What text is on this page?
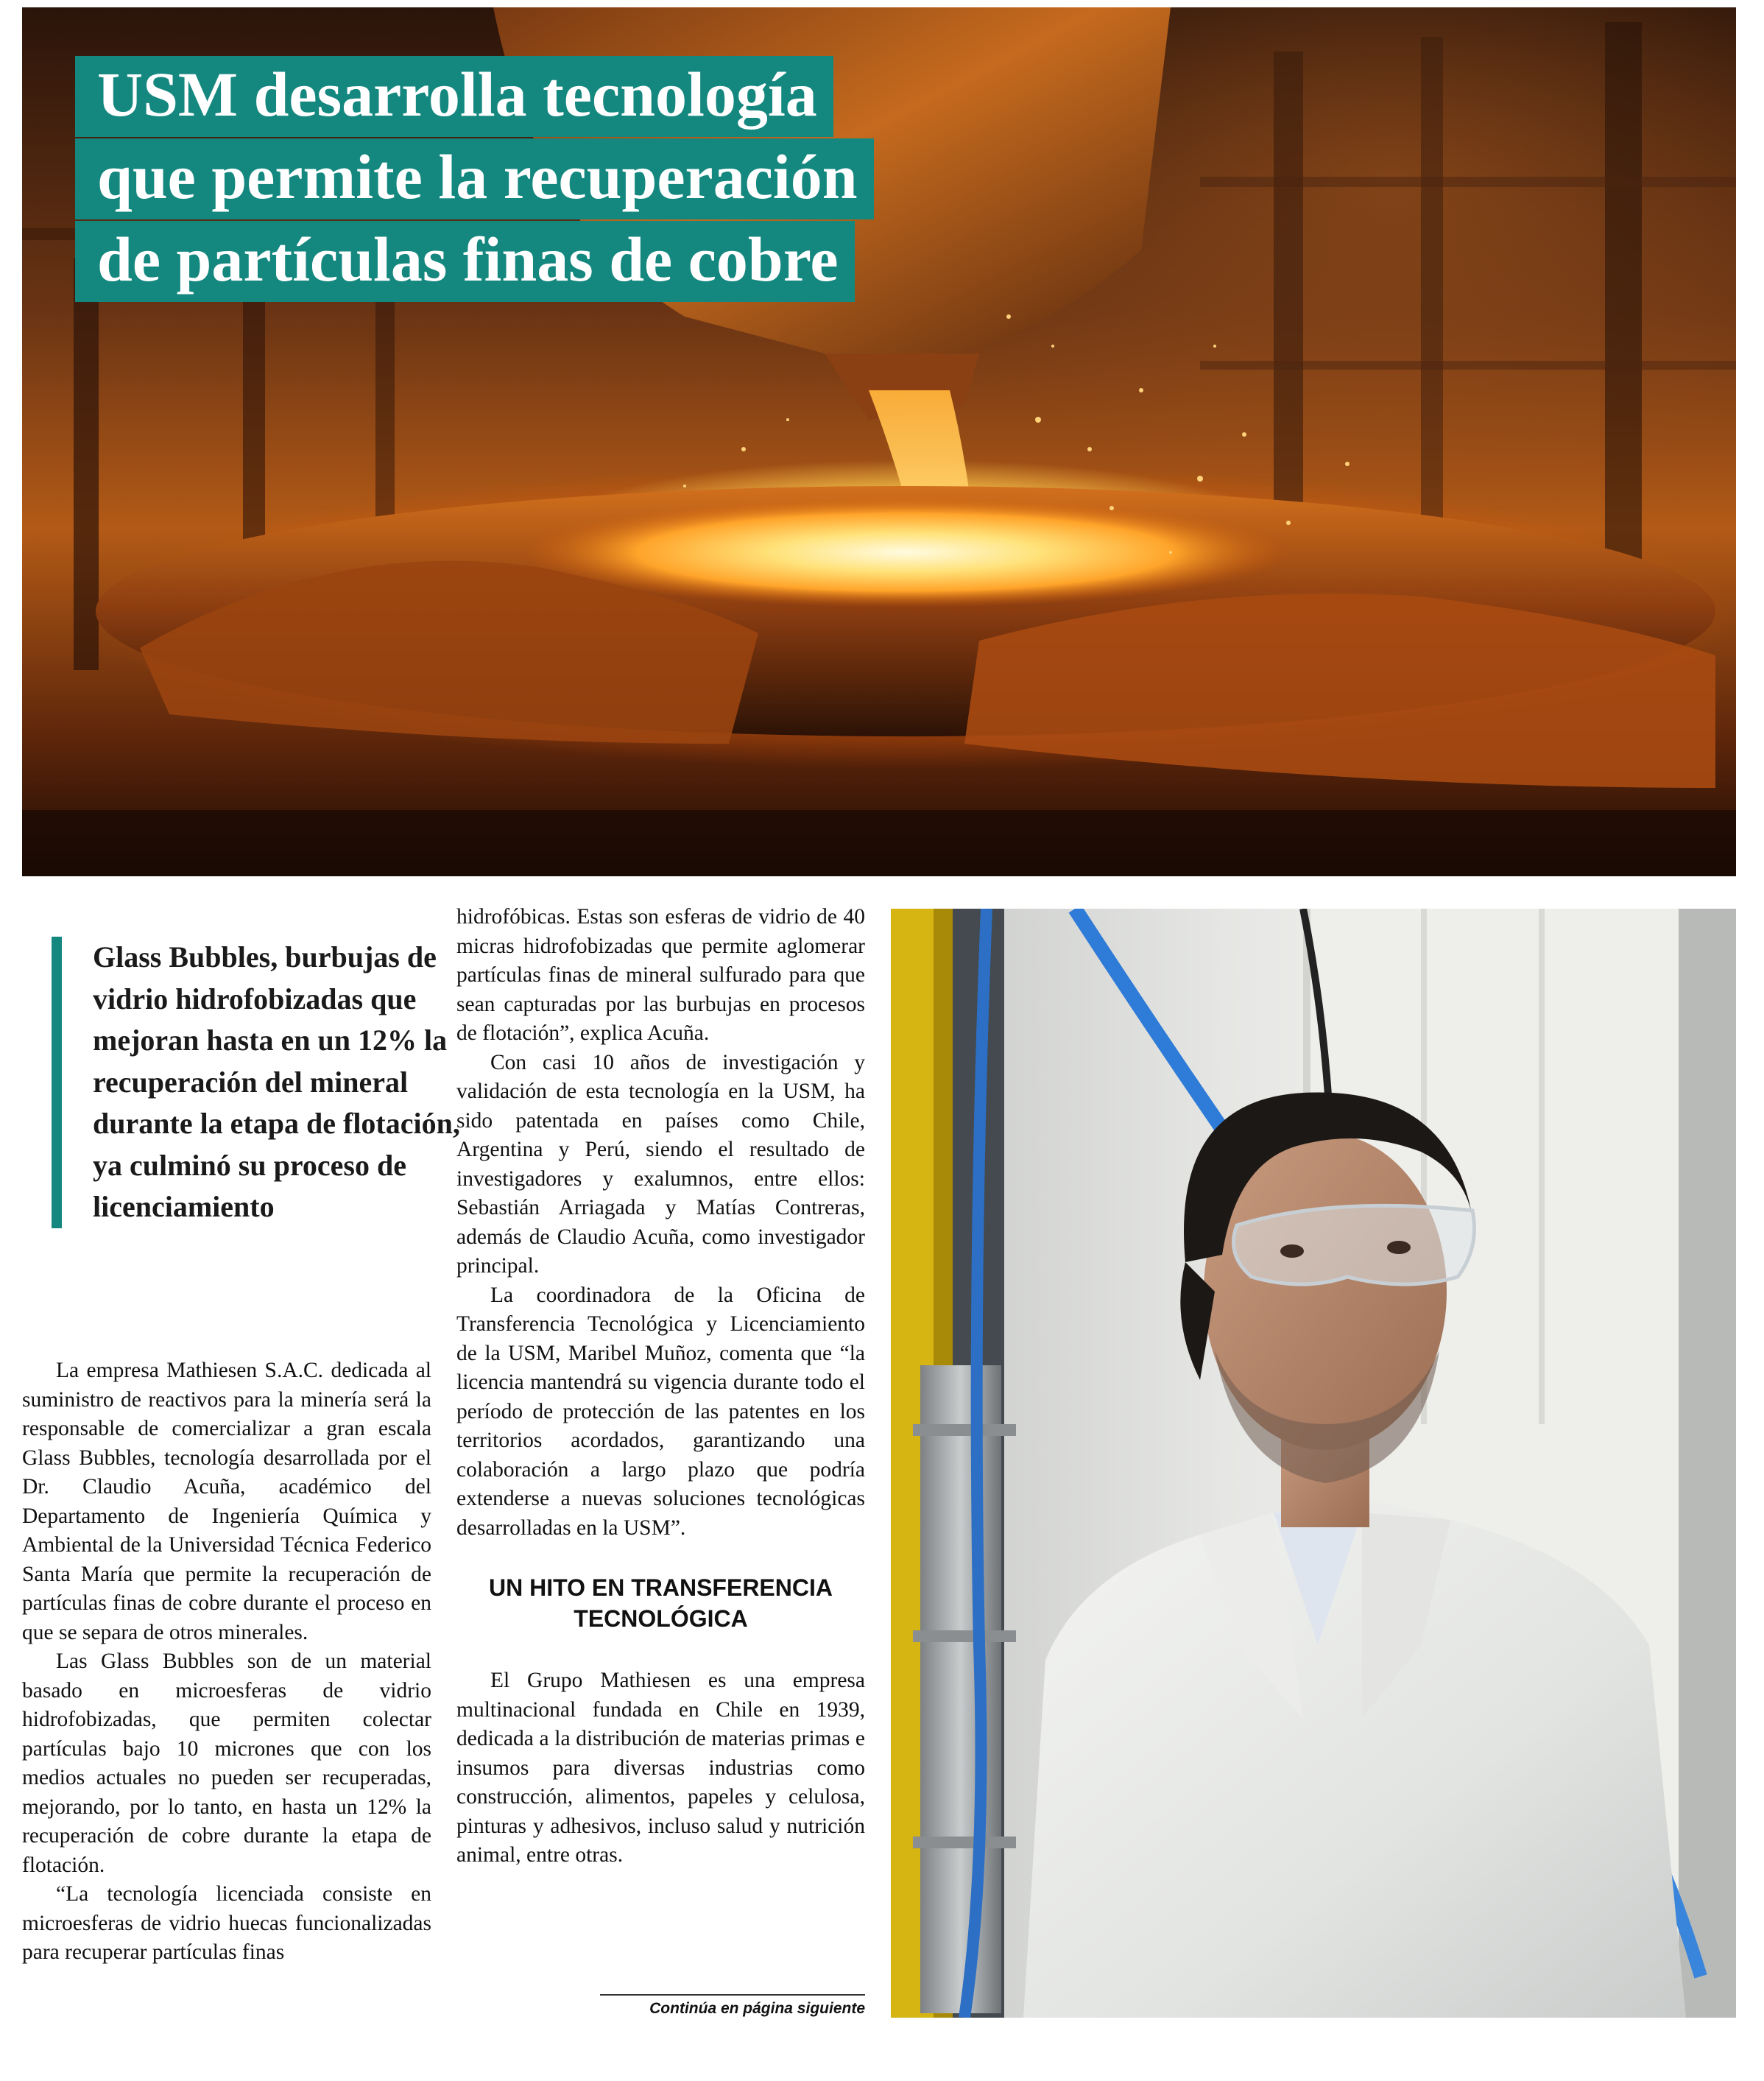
USM desarrolla tecnología
que permite la recuperación
de partículas finas de cobre
Glass Bubbles, burbujas de vidrio hidrofobizadas que mejoran hasta en un 12% la recuperación del mineral durante la etapa de flotación, ya culminó su proceso de licenciamiento

La empresa Mathiesen S.A.C. dedicada al suministro de reactivos para la minería será la responsable de comercializar a gran escala Glass Bubbles, tecnología desarrollada por el Dr. Claudio Acuña, académico del Departamento de Ingeniería Química y Ambiental de la Universidad Técnica Federico Santa María que permite la recuperación de partículas finas de cobre durante el proceso en que se separa de otros minerales.

Las Glass Bubbles son de un material basado en microesferas de vidrio hidrofobizadas, que permiten colectar partículas bajo 10 micrones que con los medios actuales no pueden ser recuperadas, mejorando, por lo tanto, en hasta un 12% la recuperación de cobre durante la etapa de flotación.

“La tecnología licenciada consiste en microesferas de vidrio huecas funcionalizadas para recuperar partículas finas

hidrofóbicas. Estas son esferas de vidrio de 40 micras hidrofobizadas que permite aglomerar partículas finas de mineral sulfurado para que sean capturadas por las burbujas en procesos de flotación”, explica Acuña.

Con casi 10 años de investigación y validación de esta tecnología en la USM, ha sido patentada en países como Chile, Argentina y Perú, siendo el resultado de investigadores y exalumnos, entre ellos: Sebastián Arriagada y Matías Contreras, además de Claudio Acuña, como investigador principal.

La coordinadora de la Oficina de Transferencia Tecnológica y Licenciamiento de la USM, Maribel Muñoz, comenta que “la licencia mantendrá su vigencia durante todo el período de protección de las patentes en los territorios acordados, garantizando una colaboración a largo plazo que podría extenderse a nuevas soluciones tecnológicas desarrolladas en la USM”.

UN HITO EN TRANSFERENCIA TECNOLÓGICA

El Grupo Mathiesen es una empresa multinacional fundada en Chile en 1939, dedicada a la distribución de materias primas e insumos para diversas industrias como construcción, alimentos, papeles y celulosa, pinturas y adhesivos, incluso salud y nutrición animal, entre otras.

Continúa en página siguiente
